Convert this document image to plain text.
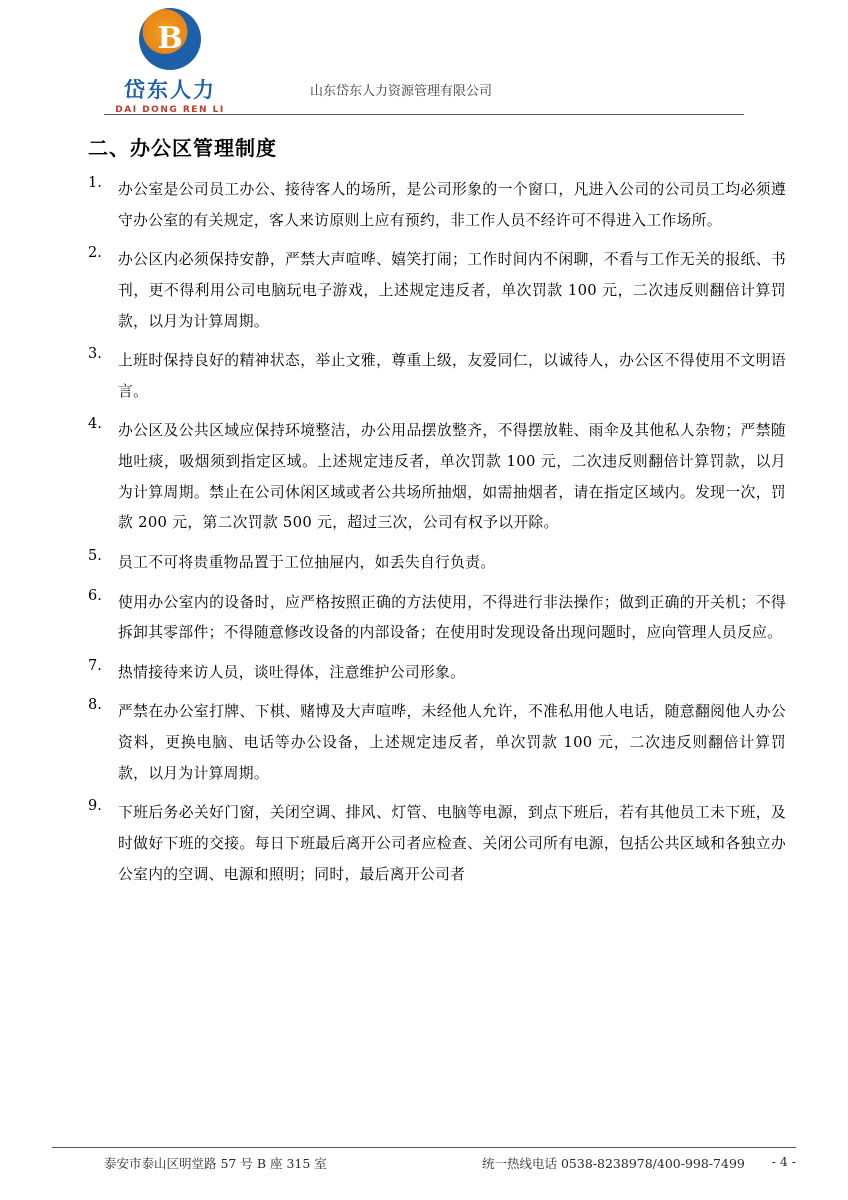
B
岱东人力
DAI DONG REN LI
山东岱东人力资源管理有限公司
二、办公区管理制度
1.	办公室是公司员工办公、接待客人的场所，是公司形象的一个窗口，凡进入公司的公司员工均必须遵守办公室的有关规定，客人来访原则上应有预约，非工作人员不经许可不得进入工作场所。
2.	办公区内必须保持安静，严禁大声喧哗、嬉笑打闹；工作时间内不闲聊，不看与工作无关的报纸、书刊，更不得利用公司电脑玩电子游戏，上述规定违反者，单次罚款 100 元，二次违反则翻倍计算罚款，以月为计算周期。
3.	上班时保持良好的精神状态，举止文雅，尊重上级，友爱同仁，以诚待人，办公区不得使用不文明语言。
4.	办公区及公共区域应保持环境整洁，办公用品摆放整齐，不得摆放鞋、雨伞及其他私人杂物；严禁随地吐痰，吸烟须到指定区域。上述规定违反者，单次罚款 100 元，二次违反则翻倍计算罚款，以月为计算周期。禁止在公司休闲区域或者公共场所抽烟，如需抽烟者，请在指定区域内。发现一次，罚款 200 元，第二次罚款 500 元，超过三次，公司有权予以开除。
5.	员工不可将贵重物品置于工位抽屉内，如丢失自行负责。
6.	使用办公室内的设备时，应严格按照正确的方法使用，不得进行非法操作；做到正确的开关机；不得拆卸其零部件；不得随意修改设备的内部设备；在使用时发现设备出现问题时，应向管理人员反应。
7.	热情接待来访人员，谈吐得体，注意维护公司形象。
8.	严禁在办公室打牌、下棋、赌博及大声喧哗，未经他人允许，不准私用他人电话，随意翻阅他人办公资料，更换电脑、电话等办公设备，上述规定违反者，单次罚款 100 元，二次违反则翻倍计算罚款，以月为计算周期。
9.	下班后务必关好门窗，关闭空调、排风、灯管、电脑等电源，到点下班后，若有其他员工未下班，及时做好下班的交接。每日下班最后离开公司者应检查、关闭公司所有电源，包括公共区域和各独立办公室内的空调、电源和照明；同时，最后离开公司者
泰安市泰山区明堂路 57 号 B 座 315 室	统一热线电话 0538-8238978/400-998-7499 - 4 -
